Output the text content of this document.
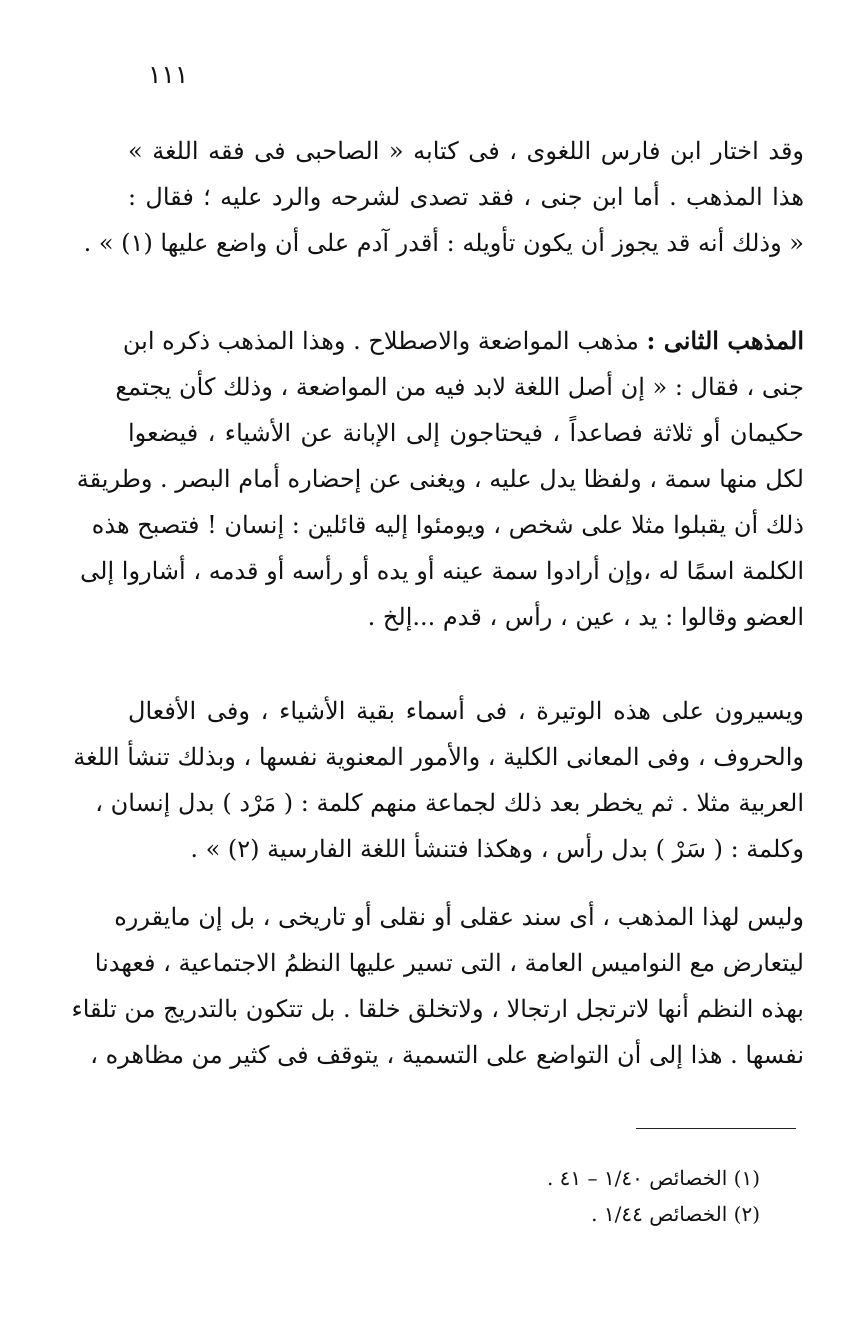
١١١
وقد اختار ابن فارس اللغوى ، فى كتابه « الصاحبى فى فقه اللغة »
هذا المذهب . أما ابن جنى ، فقد تصدى لشرحه والرد عليه ؛ فقال :
« وذلك أنه قد يجوز أن يكون تأويله : أقدر آدم على أن واضع عليها (١) » .
المذهب الثانى : مذهب المواضعة والاصطلاح . وهذا المذهب ذكره ابن
جنى ، فقال : « إن أصل اللغة لابد فيه من المواضعة ، وذلك كأن يجتمع
حكيمان أو ثلاثة فصاعداً ، فيحتاجون إلى الإبانة عن الأشياء ، فيضعوا
لكل منها سمة ، ولفظا يدل عليه ، ويغنى عن إحضاره أمام البصر . وطريقة
ذلك أن يقبلوا مثلا على شخص ، ويومئوا إليه قائلين : إنسان ! فتصبح هذه
الكلمة اسمًا له ،وإن أرادوا سمة عينه أو يده أو رأسه أو قدمه ، أشاروا إلى
العضو وقالوا : يد ، عين ، رأس ، قدم ...إلخ .
ويسيرون على هذه الوتيرة ، فى أسماء بقية الأشياء ، وفى الأفعال
والحروف ، وفى المعانى الكلية ، والأمور المعنوية نفسها ، وبذلك تنشأ اللغة
العربية مثلا . ثم يخطر بعد ذلك لجماعة منهم كلمة : ( مَرْد ) بدل إنسان ،
وكلمة : ( سَرْ ) بدل رأس ، وهكذا فتنشأ اللغة الفارسية (٢) » .
وليس لهذا المذهب ، أى سند عقلى أو نقلى أو تاريخى ، بل إن مايقرره
ليتعارض مع النواميس العامة ، التى تسير عليها النظمُ الاجتماعية ، فعهدنا
بهذه النظم أنها لاترتجل ارتجالا ، ولاتخلق خلقا . بل تتكون بالتدريج من تلقاء
نفسها . هذا إلى أن التواضع على التسمية ، يتوقف فى كثير من مظاهره ،
(١) الخصائص ١/٤٠ – ٤١ .
(٢) الخصائص ١/٤٤ .
